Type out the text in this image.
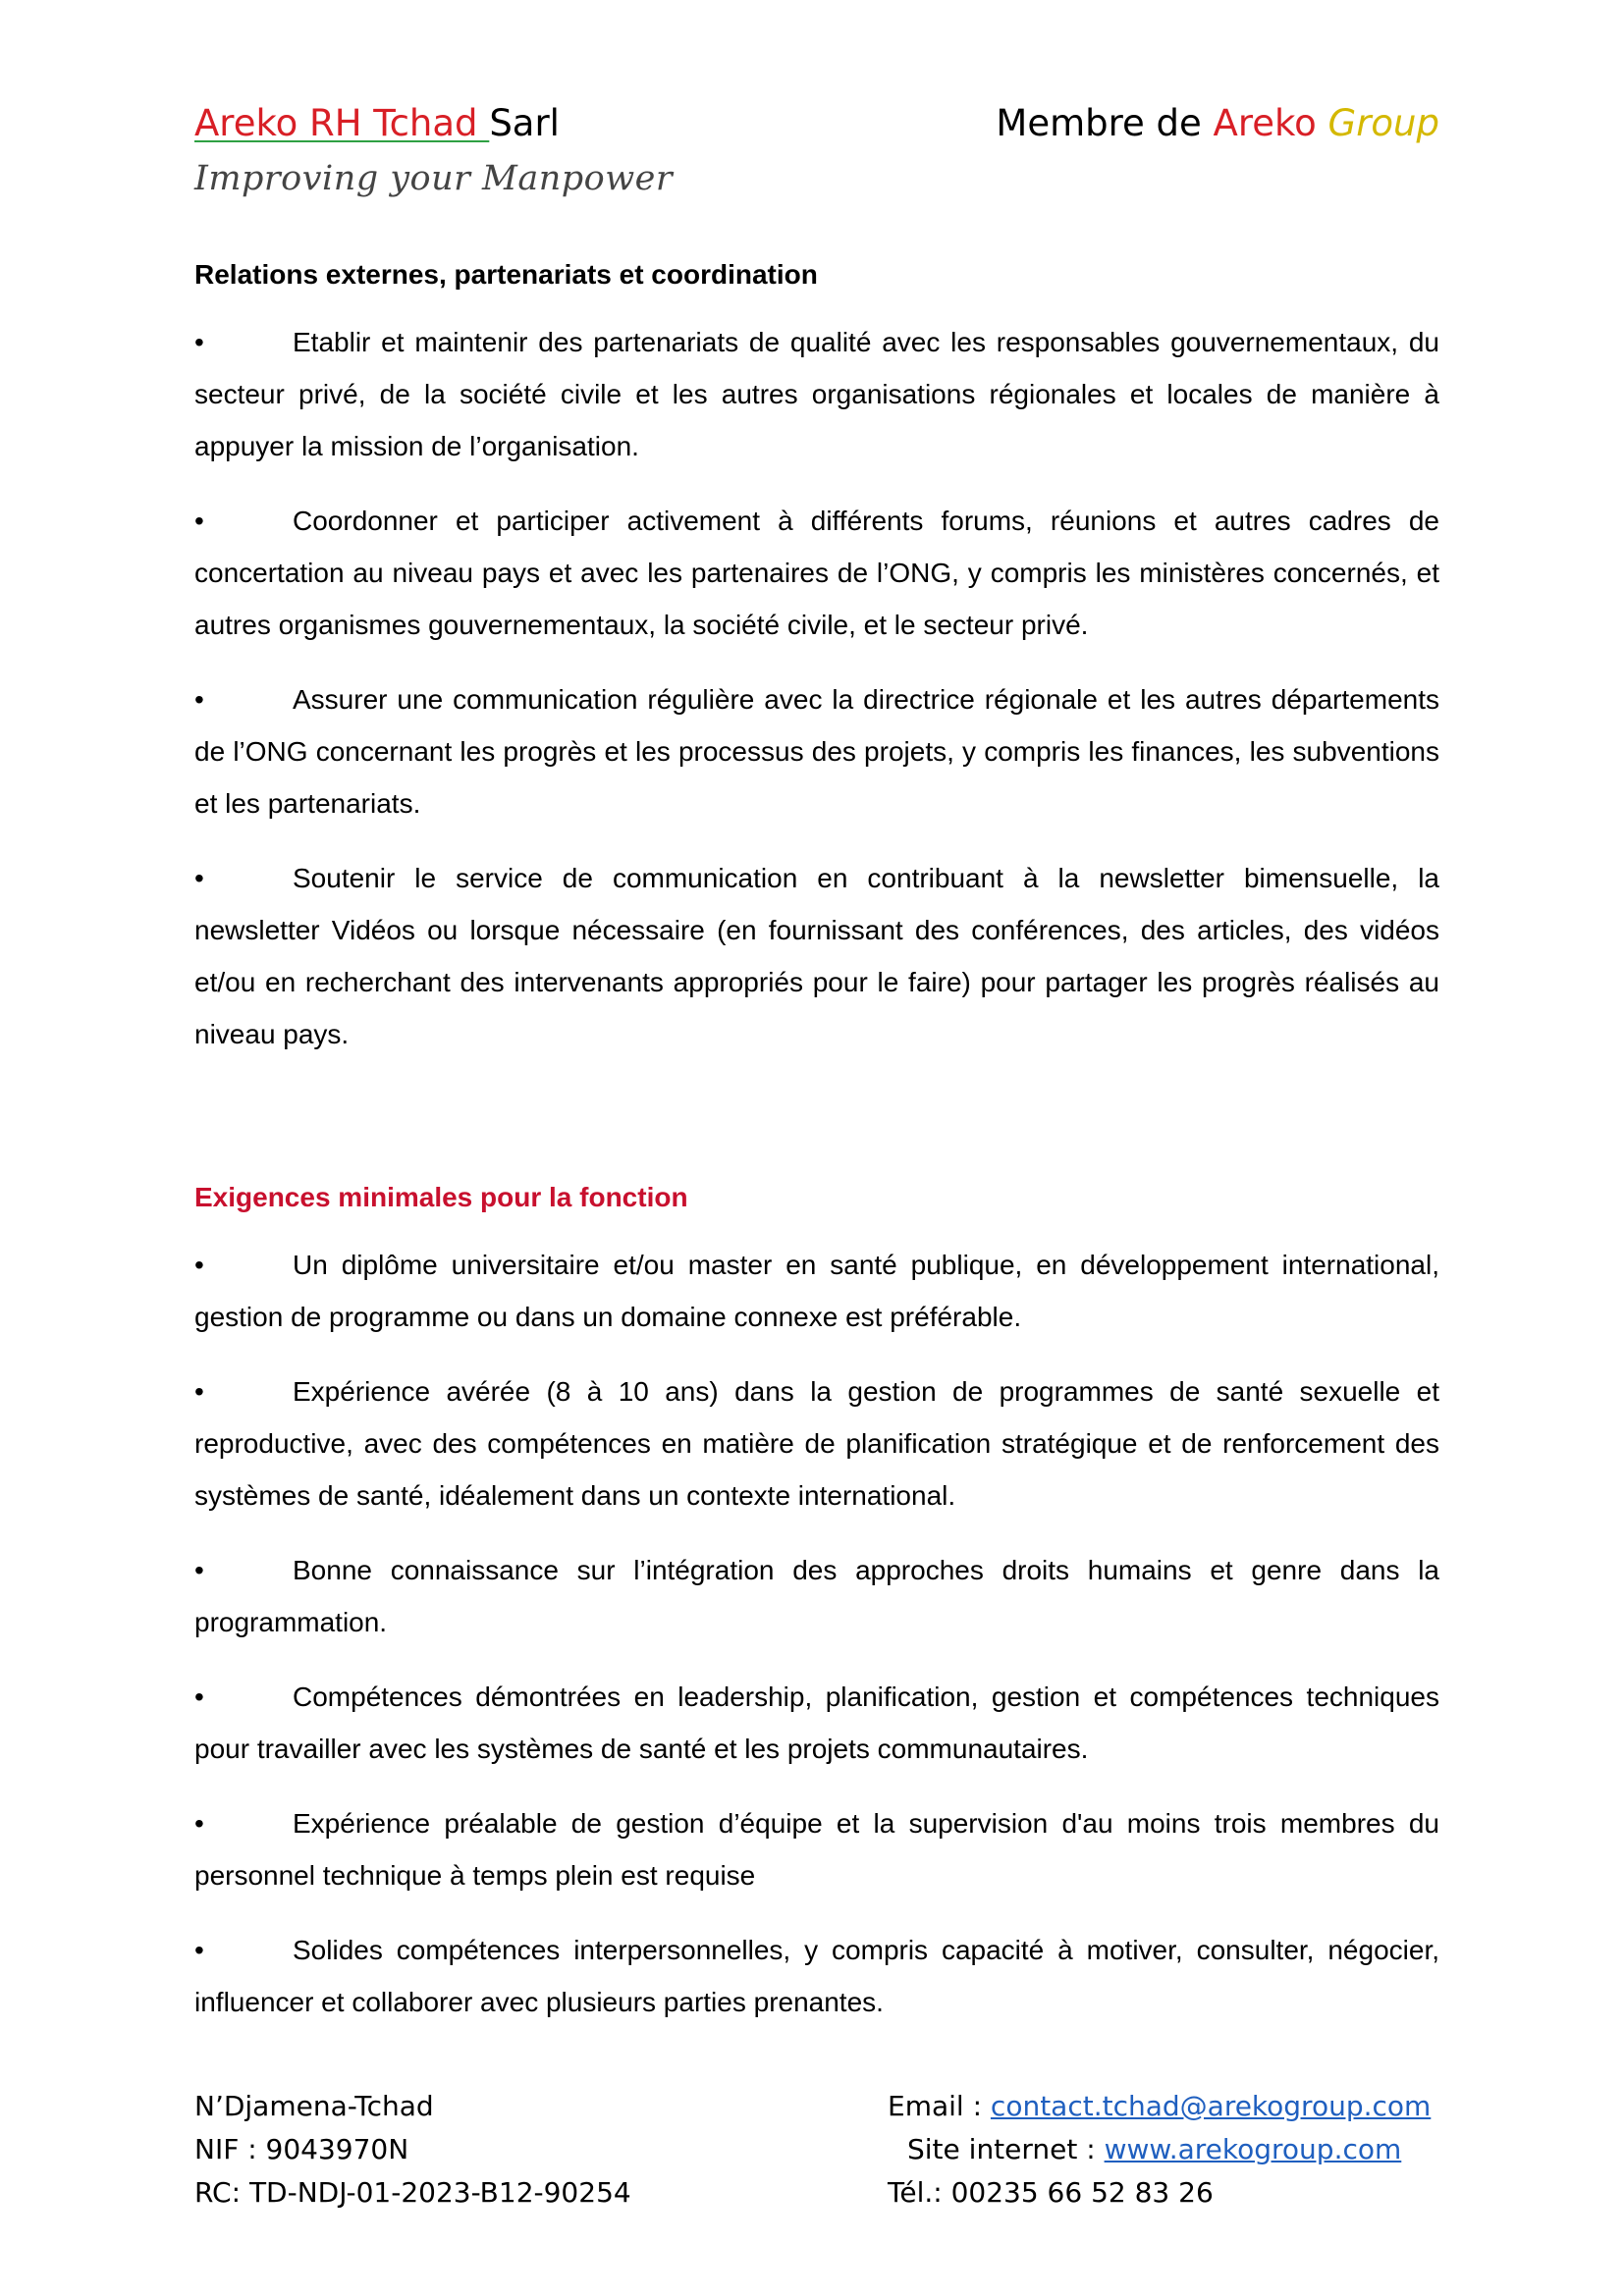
Areko RH Tchad Sarl	Membre de Areko Group
Improving your Manpower
Relations externes, partenariats et coordination
•	Etablir et maintenir des partenariats de qualité avec les responsables gouvernementaux, du secteur privé, de la société civile et les autres organisations régionales et locales de manière à appuyer la mission de l’organisation.
•	Coordonner et participer activement à différents forums, réunions et autres cadres de concertation au niveau pays et avec les partenaires de l’ONG, y compris les ministères concernés, et autres organismes gouvernementaux, la société civile, et le secteur privé.
•	Assurer une communication régulière avec la directrice régionale et les autres départements de l’ONG concernant les progrès et les processus des projets, y compris les finances, les subventions et les partenariats.
•	Soutenir le service de communication en contribuant à la newsletter bimensuelle, la newsletter Vidéos ou lorsque nécessaire (en fournissant des conférences, des articles, des vidéos et/ou en recherchant des intervenants appropriés pour le faire) pour partager les progrès réalisés au niveau pays.
Exigences minimales pour la fonction
•	Un diplôme universitaire et/ou master en santé publique, en développement international, gestion de programme ou dans un domaine connexe est préférable.
•	Expérience avérée (8 à 10 ans) dans la gestion de programmes de santé sexuelle et reproductive, avec des compétences en matière de planification stratégique et de renforcement des systèmes de santé, idéalement dans un contexte international.
•	Bonne connaissance sur l’intégration des approches droits humains et genre dans la programmation.
•	Compétences démontrées en leadership, planification, gestion et compétences techniques pour travailler avec les systèmes de santé et les projets communautaires.
•	Expérience préalable de gestion d’équipe et la supervision d'au moins trois membres du personnel technique à temps plein est requise
•	Solides compétences interpersonnelles, y compris capacité à motiver, consulter, négocier, influencer et collaborer avec plusieurs parties prenantes.
N’Djamena-Tchad
NIF : 9043970N
RC: TD-NDJ-01-2023-B12-90254
Email : contact.tchad@arekogroup.com
Site internet : www.arekogroup.com
Tél.: 00235 66 52 83 26
